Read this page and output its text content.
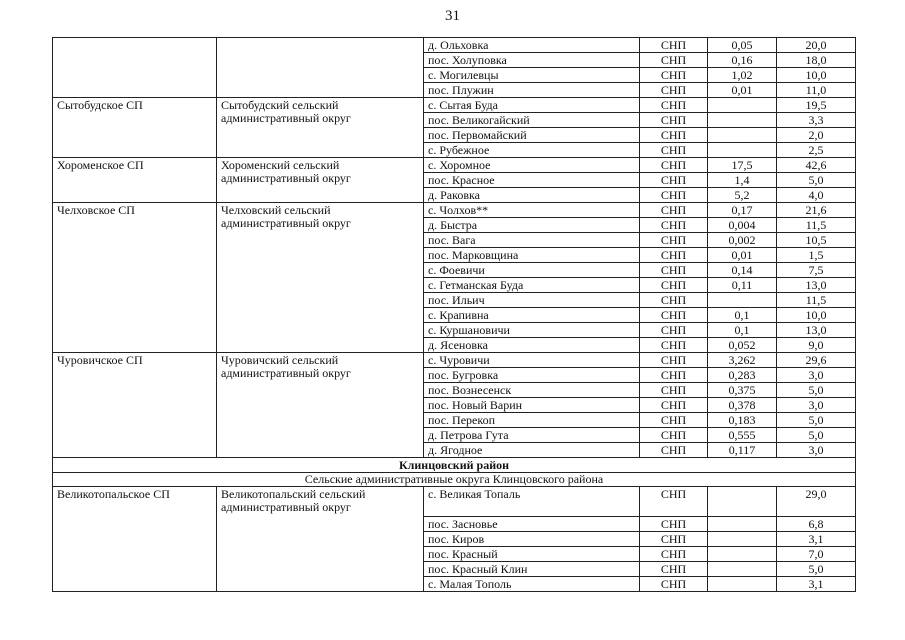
31
		д. Ольховка	СНП	0,05	20,0
		пос. Холуповка	СНП	0,16	18,0
		с. Могилевцы	СНП	1,02	10,0
		пос. Плужин	СНП	0,01	11,0
Сытобудское СП	Сытобудский сельский административный округ	с. Сытая Буда	СНП		19,5
		пос. Великогайский	СНП		3,3
		пос. Первомайский	СНП		2,0
		с. Рубежное	СНП		2,5
Хороменское СП	Хороменский сельский административный округ	с. Хоромное	СНП	17,5	42,6
		пос. Красное	СНП	1,4	5,0
		д. Раковка	СНП	5,2	4,0
Челховское СП	Челховский сельский административный округ	с. Чолхов**	СНП	0,17	21,6
		д. Быстра	СНП	0,004	11,5
		пос. Вага	СНП	0,002	10,5
		пос. Марковщина	СНП	0,01	1,5
		с. Фоевичи	СНП	0,14	7,5
		с. Гетманская Буда	СНП	0,11	13,0
		пос. Ильич	СНП		11,5
		с. Крапивна	СНП	0,1	10,0
		с. Куршановичи	СНП	0,1	13,0
		д. Ясеновка	СНП	0,052	9,0
Чуровичское СП	Чуровичский сельский административный округ	с. Чуровичи	СНП	3,262	29,6
		пос. Бугровка	СНП	0,283	3,0
		пос. Вознесенск	СНП	0,375	5,0
		пос. Новый Варин	СНП	0,378	3,0
		пос. Перекоп	СНП	0,183	5,0
		д. Петрова Гута	СНП	0,555	5,0
		д. Ягодное	СНП	0,117	3,0
Клинцовский район					
Сельские административные округа Клинцовского района					
Великотопальское СП	Великотопальский сельский административный округ	с. Великая Топаль	СНП		29,0
		пос. Засновье	СНП		6,8
		пос. Киров	СНП		3,1
		пос. Красный	СНП		7,0
		пос. Красный Клин	СНП		5,0
		с. Малая Тополь	СНП		3,1
